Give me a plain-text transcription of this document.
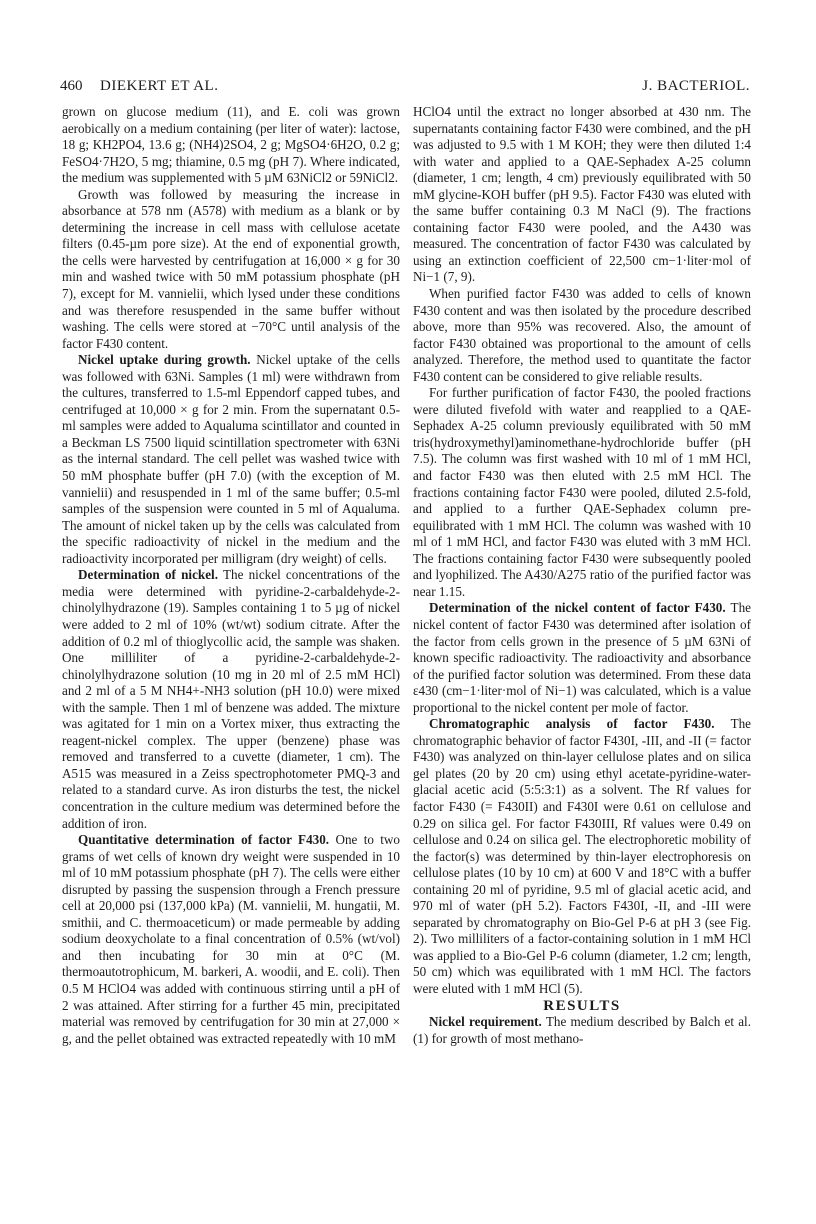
460 DIEKERT ET AL.	J. BACTERIOL.

grown on glucose medium (11), and E. coli was grown aerobically on a medium containing (per liter of water): lactose, 18 g; KH2PO4, 13.6 g; (NH4)2SO4, 2 g; MgSO4·6H2O, 0.2 g; FeSO4·7H2O, 5 mg; thiamine, 0.5 mg (pH 7). Where indicated, the medium was supplemented with 5 µM 63NiCl2 or 59NiCl2.

Growth was followed by measuring the increase in absorbance at 578 nm (A578) with medium as a blank or by determining the increase in cell mass with cellulose acetate filters (0.45-µm pore size). At the end of exponential growth, the cells were harvested by centrifugation at 16,000 × g for 30 min and washed twice with 50 mM potassium phosphate (pH 7), except for M. vannielii, which lysed under these conditions and was therefore resuspended in the same buffer without washing. The cells were stored at −70°C until analysis of the factor F430 content.

Nickel uptake during growth. Nickel uptake of the cells was followed with 63Ni. Samples (1 ml) were withdrawn from the cultures, transferred to 1.5-ml Eppendorf capped tubes, and centrifuged at 10,000 × g for 2 min. From the supernatant 0.5-ml samples were added to Aqualuma scintillator and counted in a Beckman LS 7500 liquid scintillation spectrometer with 63Ni as the internal standard. The cell pellet was washed twice with 50 mM phosphate buffer (pH 7.0) (with the exception of M. vannielii) and resuspended in 1 ml of the same buffer; 0.5-ml samples of the suspension were counted in 5 ml of Aqualuma. The amount of nickel taken up by the cells was calculated from the specific radioactivity of nickel in the medium and the radioactivity incorporated per milligram (dry weight) of cells.

Determination of nickel. The nickel concentrations of the media were determined with pyridine-2-carbaldehyde-2-chinolylhydrazone (19). Samples containing 1 to 5 µg of nickel were added to 2 ml of 10% (wt/wt) sodium citrate. After the addition of 0.2 ml of thioglycollic acid, the sample was shaken. One milliliter of a pyridine-2-carbaldehyde-2-chinolylhydrazone solution (10 mg in 20 ml of 2.5 mM HCl) and 2 ml of a 5 M NH4+-NH3 solution (pH 10.0) were mixed with the sample. Then 1 ml of benzene was added. The mixture was agitated for 1 min on a Vortex mixer, thus extracting the reagent-nickel complex. The upper (benzene) phase was removed and transferred to a cuvette (diameter, 1 cm). The A515 was measured in a Zeiss spectrophotometer PMQ-3 and related to a standard curve. As iron disturbs the test, the nickel concentration in the culture medium was determined before the addition of iron.

Quantitative determination of factor F430. One to two grams of wet cells of known dry weight were suspended in 10 ml of 10 mM potassium phosphate (pH 7). The cells were either disrupted by passing the suspension through a French pressure cell at 20,000 psi (137,000 kPa) (M. vannielii, M. hungatii, M. smithii, and C. thermoaceticum) or made permeable by adding sodium deoxycholate to a final concentration of 0.5% (wt/vol) and then incubating for 30 min at 0°C (M. thermoautotrophicum, M. barkeri, A. woodii, and E. coli). Then 0.5 M HClO4 was added with continuous stirring until a pH of 2 was attained. After stirring for a further 45 min, precipitated material was removed by centrifugation for 30 min at 27,000 × g, and the pellet obtained was extracted repeatedly with 10 mM

HClO4 until the extract no longer absorbed at 430 nm. The supernatants containing factor F430 were combined, and the pH was adjusted to 9.5 with 1 M KOH; they were then diluted 1:4 with water and applied to a QAE-Sephadex A-25 column (diameter, 1 cm; length, 4 cm) previously equilibrated with 50 mM glycine-KOH buffer (pH 9.5). Factor F430 was eluted with the same buffer containing 0.3 M NaCl (9). The fractions containing factor F430 were pooled, and the A430 was measured. The concentration of factor F430 was calculated by using an extinction coefficient of 22,500 cm−1·liter·mol of Ni−1 (7, 9).

When purified factor F430 was added to cells of known F430 content and was then isolated by the procedure described above, more than 95% was recovered. Also, the amount of factor F430 obtained was proportional to the amount of cells analyzed. Therefore, the method used to quantitate the factor F430 content can be considered to give reliable results.

For further purification of factor F430, the pooled fractions were diluted fivefold with water and reapplied to a QAE-Sephadex A-25 column previously equilibrated with 50 mM tris(hydroxymethyl)aminomethane-hydrochloride buffer (pH 7.5). The column was first washed with 10 ml of 1 mM HCl, and factor F430 was then eluted with 2.5 mM HCl. The fractions containing factor F430 were pooled, diluted 2.5-fold, and applied to a further QAE-Sephadex column pre-equilibrated with 1 mM HCl. The column was washed with 10 ml of 1 mM HCl, and factor F430 was eluted with 3 mM HCl. The fractions containing factor F430 were subsequently pooled and lyophilized. The A430/A275 ratio of the purified factor was near 1.15.

Determination of the nickel content of factor F430. The nickel content of factor F430 was determined after isolation of the factor from cells grown in the presence of 5 µM 63Ni of known specific radioactivity. The radioactivity and absorbance of the purified factor solution was determined. From these data ε430 (cm−1·liter·mol of Ni−1) was calculated, which is a value proportional to the nickel content per mole of factor.

Chromatographic analysis of factor F430. The chromatographic behavior of factor F430I, -III, and -II (= factor F430) was analyzed on thin-layer cellulose plates and on silica gel plates (20 by 20 cm) using ethyl acetate-pyridine-water-glacial acetic acid (5:5:3:1) as a solvent. The Rf values for factor F430 (= F430II) and F430I were 0.61 on cellulose and 0.29 on silica gel. For factor F430III, Rf values were 0.49 on cellulose and 0.24 on silica gel. The electrophoretic mobility of the factor(s) was determined by thin-layer electrophoresis on cellulose plates (10 by 10 cm) at 600 V and 18°C with a buffer containing 20 ml of pyridine, 9.5 ml of glacial acetic acid, and 970 ml of water (pH 5.2). Factors F430I, -II, and -III were separated by chromatography on Bio-Gel P-6 at pH 3 (see Fig. 2). Two milliliters of a factor-containing solution in 1 mM HCl was applied to a Bio-Gel P-6 column (diameter, 1.2 cm; length, 50 cm) which was equilibrated with 1 mM HCl. The factors were eluted with 1 mM HCl (5).

RESULTS

Nickel requirement. The medium described by Balch et al. (1) for growth of most methano-
